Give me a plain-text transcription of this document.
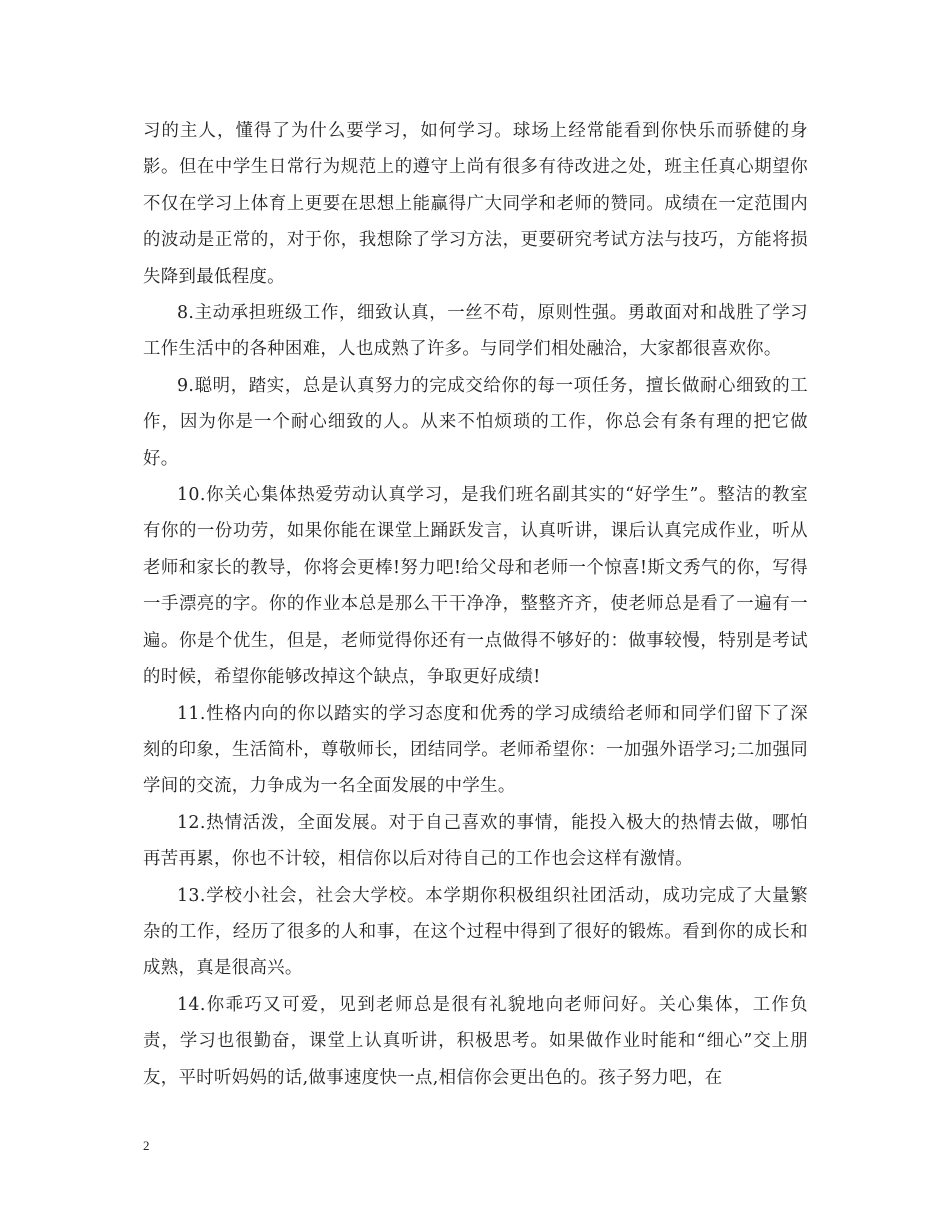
习的主人，懂得了为什么要学习，如何学习。球场上经常能看到你快乐而骄健的身影。但在中学生日常行为规范上的遵守上尚有很多有待改进之处，班主任真心期望你不仅在学习上体育上更要在思想上能赢得广大同学和老师的赞同。成绩在一定范围内的波动是正常的，对于你，我想除了学习方法，更要研究考试方法与技巧，方能将损失降到最低程度。

8.主动承担班级工作，细致认真，一丝不苟，原则性强。勇敢面对和战胜了学习工作生活中的各种困难，人也成熟了许多。与同学们相处融洽，大家都很喜欢你。

9.聪明，踏实，总是认真努力的完成交给你的每一项任务，擅长做耐心细致的工作，因为你是一个耐心细致的人。从来不怕烦琐的工作，你总会有条有理的把它做好。

10.你关心集体热爱劳动认真学习，是我们班名副其实的“好学生”。整洁的教室有你的一份功劳，如果你能在课堂上踊跃发言，认真听讲，课后认真完成作业，听从老师和家长的教导，你将会更棒!努力吧!给父母和老师一个惊喜!斯文秀气的你，写得一手漂亮的字。你的作业本总是那么干干净净，整整齐齐，使老师总是看了一遍有一遍。你是个优生，但是，老师觉得你还有一点做得不够好的：做事较慢，特别是考试的时候，希望你能够改掉这个缺点，争取更好成绩!

11.性格内向的你以踏实的学习态度和优秀的学习成绩给老师和同学们留下了深刻的印象，生活简朴，尊敬师长，团结同学。老师希望你：一加强外语学习;二加强同学间的交流，力争成为一名全面发展的中学生。

12.热情活泼，全面发展。对于自己喜欢的事情，能投入极大的热情去做，哪怕再苦再累，你也不计较，相信你以后对待自己的工作也会这样有激情。

13.学校小社会，社会大学校。本学期你积极组织社团活动，成功完成了大量繁杂的工作，经历了很多的人和事，在这个过程中得到了很好的锻炼。看到你的成长和成熟，真是很高兴。

14.你乖巧又可爱，见到老师总是很有礼貌地向老师问好。关心集体，工作负责，学习也很勤奋，课堂上认真听讲，积极思考。如果做作业时能和“细心”交上朋友，平时听妈妈的话,做事速度快一点,相信你会更出色的。孩子努力吧，在

2
